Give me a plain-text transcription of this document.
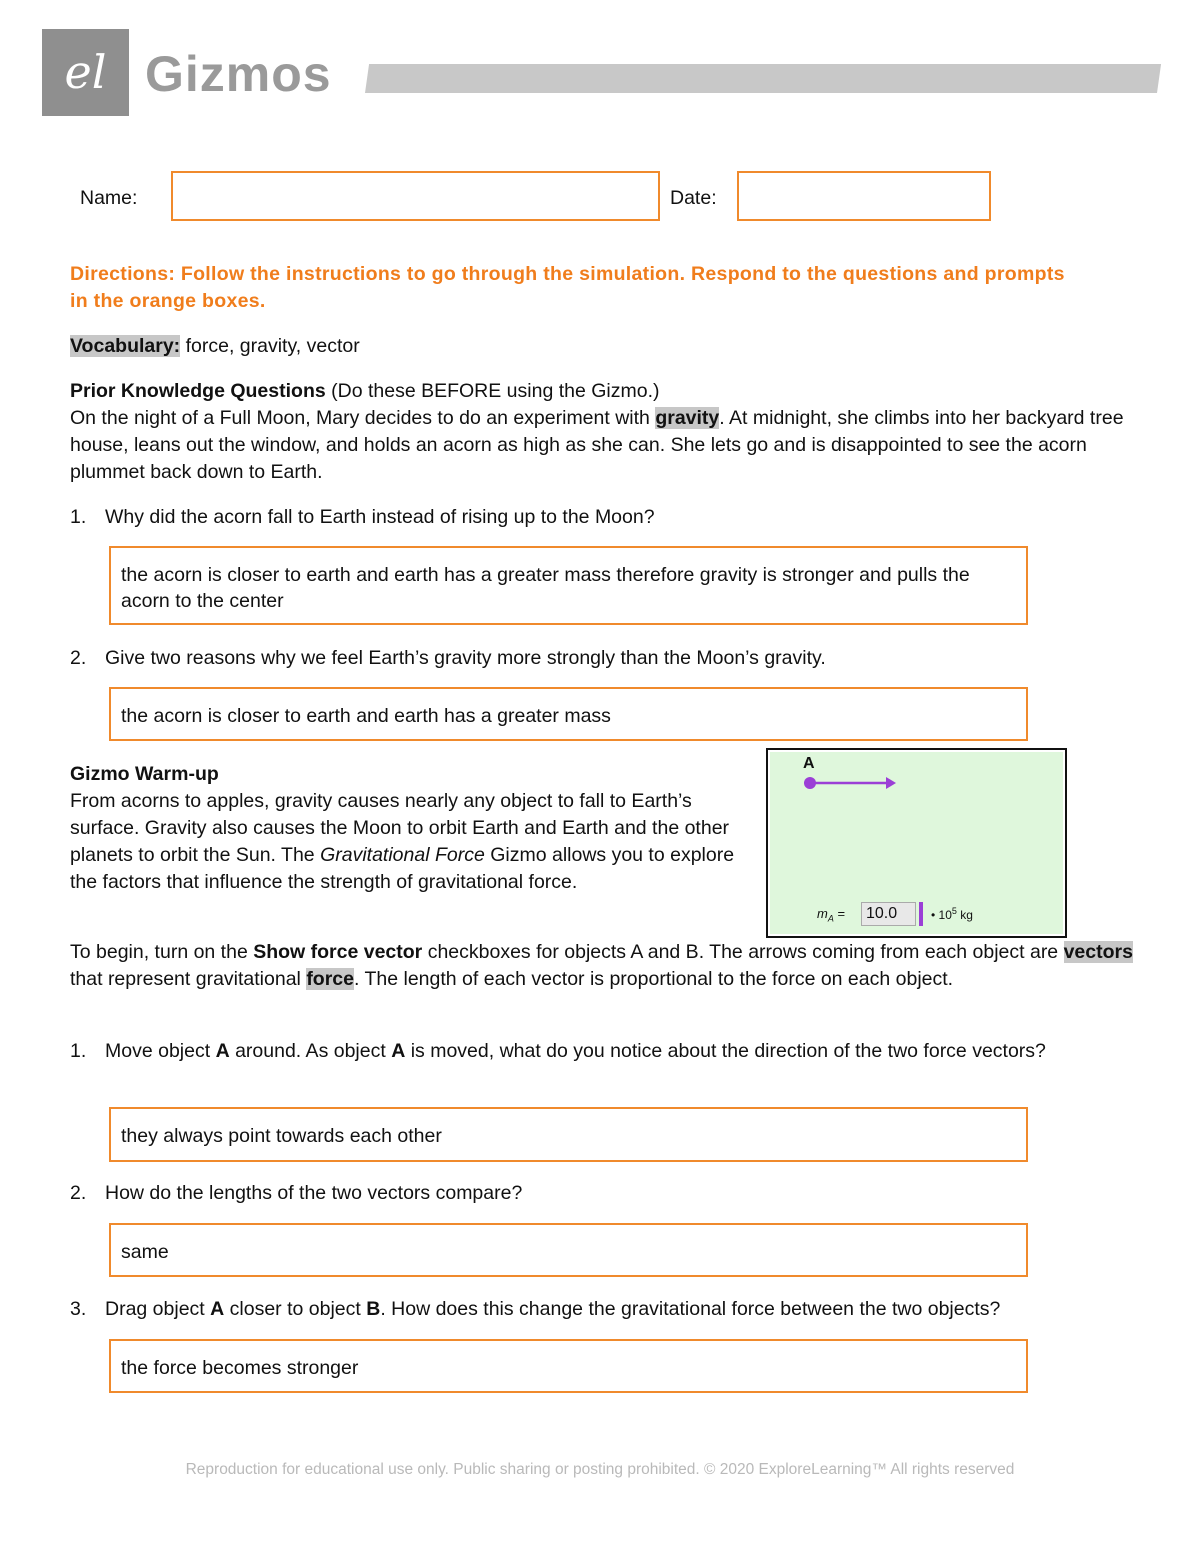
el Gizmos
Name:	Date:
Directions: Follow the instructions to go through the simulation. Respond to the questions and prompts in the orange boxes.
Vocabulary: force, gravity, vector
Prior Knowledge Questions (Do these BEFORE using the Gizmo.)
On the night of a Full Moon, Mary decides to do an experiment with gravity. At midnight, she climbs into her backyard tree house, leans out the window, and holds an acorn as high as she can. She lets go and is disappointed to see the acorn plummet back down to Earth.
1. Why did the acorn fall to Earth instead of rising up to the Moon?
the acorn is closer to earth and earth has a greater mass therefore gravity is stronger and pulls the acorn to the center
2. Give two reasons why we feel Earth’s gravity more strongly than the Moon’s gravity.
the acorn is closer to earth and earth has a greater mass
Gizmo Warm-up
From acorns to apples, gravity causes nearly any object to fall to Earth’s surface. Gravity also causes the Moon to orbit Earth and Earth and the other planets to orbit the Sun. The Gravitational Force Gizmo allows you to explore the factors that influence the strength of gravitational force.
A
$m_A$ =	10.0	• $10^5$ kg
To begin, turn on the Show force vector checkboxes for objects A and B. The arrows coming from each object are vectors that represent gravitational force. The length of each vector is proportional to the force on each object.
1. Move object A around. As object A is moved, what do you notice about the direction of the two force vectors?
they always point towards each other
2. How do the lengths of the two vectors compare?
same
3. Drag object A closer to object B. How does this change the gravitational force between the two objects?
the force becomes stronger
Reproduction for educational use only. Public sharing or posting prohibited. © 2020 ExploreLearning™ All rights reserved
